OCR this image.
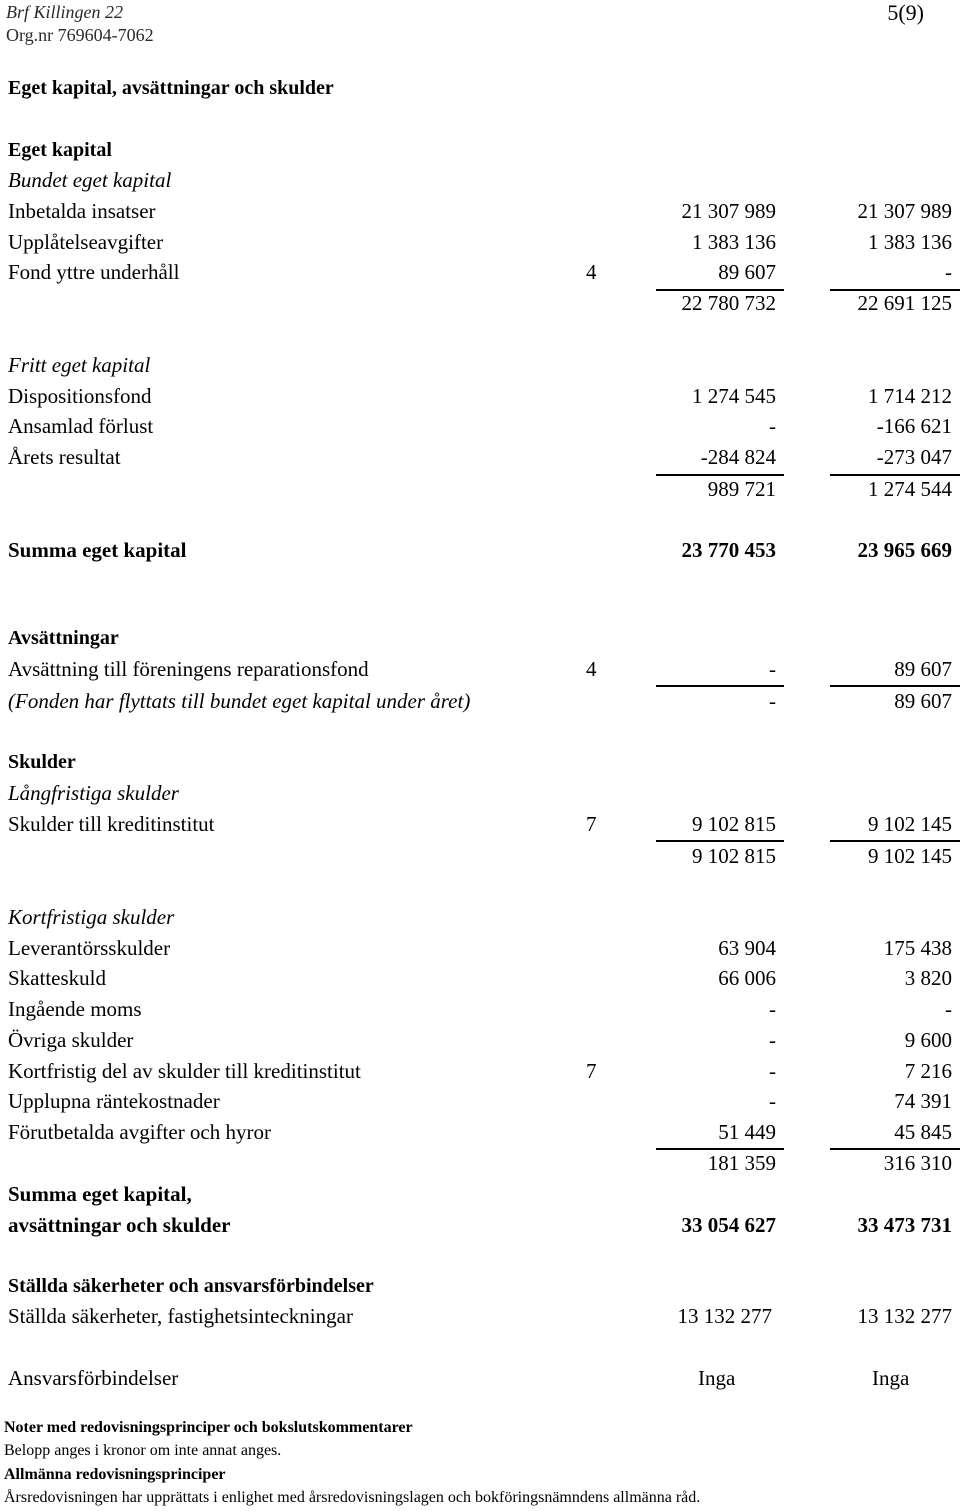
Brf Killingen 22
Org.nr 769604-7062
5(9)
Eget kapital, avsättningar och skulder
Eget kapital
Bundet eget kapital
Inbetalda insatser	21 307 989	21 307 989
Upplåtelseavgifter	1 383 136	1 383 136
Fond yttre underhåll	4	89 607	-
22 780 732	22 691 125
Fritt eget kapital
Dispositionsfond	1 274 545	1 714 212
Ansamlad förlust	-	-166 621
Årets resultat	-284 824	-273 047
989 721	1 274 544
Summa eget kapital	23 770 453	23 965 669
Avsättningar
Avsättning till föreningens reparationsfond	4	-	89 607
(Fonden har flyttats till bundet eget kapital under året)	-	89 607
Skulder
Långfristiga skulder
Skulder till kreditinstitut	7	9 102 815	9 102 145
9 102 815	9 102 145
Kortfristiga skulder
Leverantörsskulder	63 904	175 438
Skatteskuld	66 006	3 820
Ingående moms	-	-
Övriga skulder	-	9 600
Kortfristig del av skulder till kreditinstitut	7	-	7 216
Upplupna räntekostnader	-	74 391
Förutbetalda avgifter och hyror	51 449	45 845
181 359	316 310
Summa eget kapital,
avsättningar och skulder	33 054 627	33 473 731
Ställda säkerheter och ansvarsförbindelser
Ställda säkerheter, fastighetsinteckningar	13 132 277	13 132 277
Ansvarsförbindelser	Inga	Inga
Noter med redovisningsprinciper och bokslutskommentarer
Belopp anges i kronor om inte annat anges.
Allmänna redovisningsprinciper
Årsredovisningen har upprättats i enlighet med årsredovisningslagen och bokföringsnämndens allmänna råd.
